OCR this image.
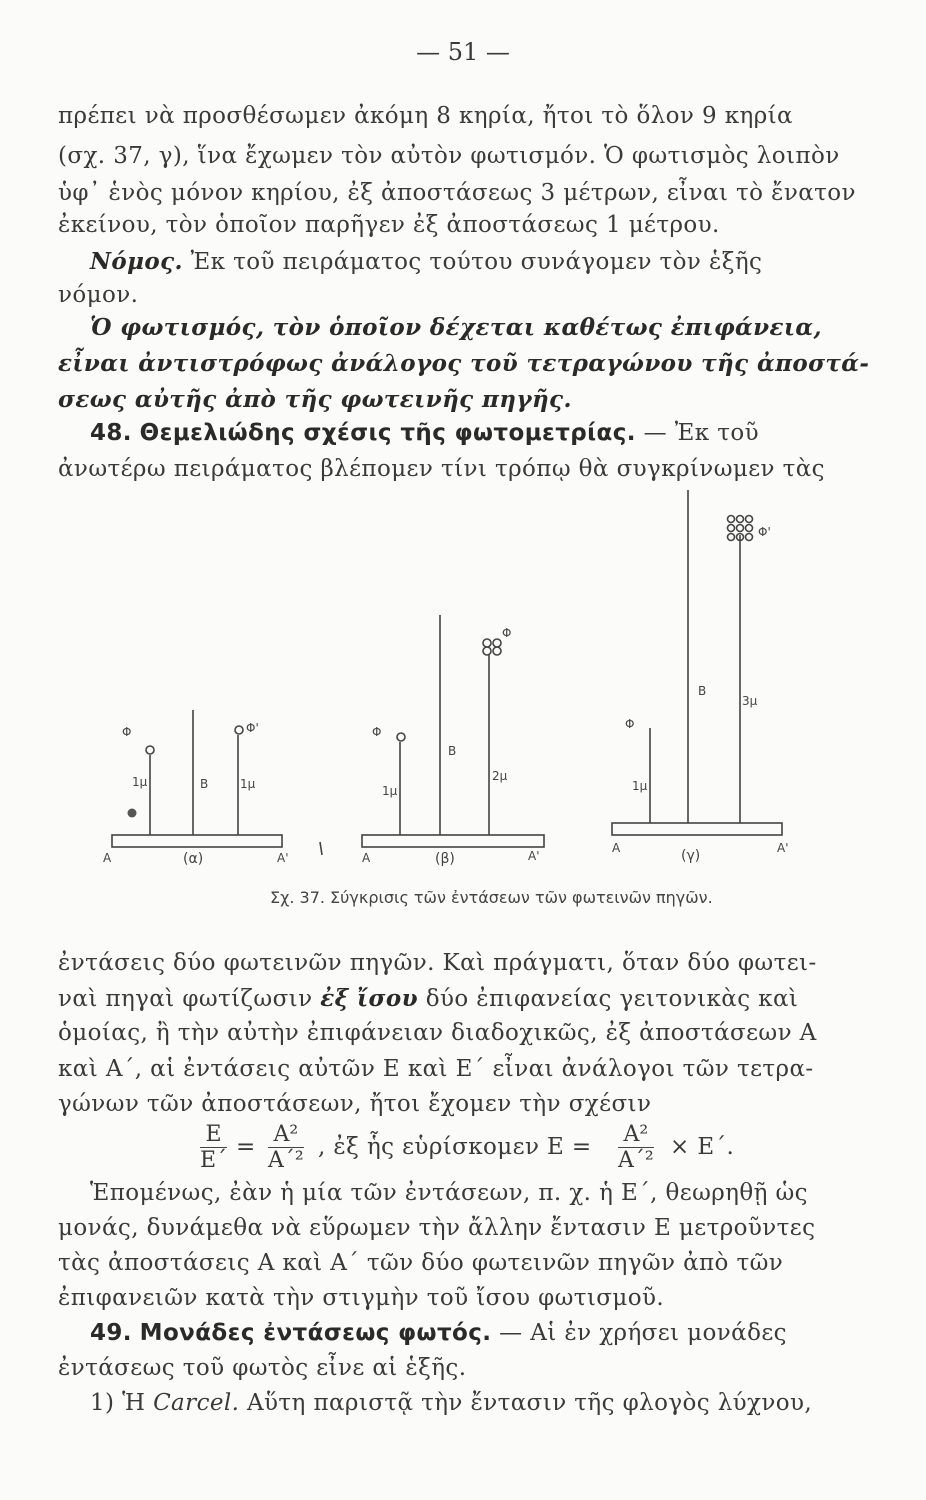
— 51 —
πρέπει νὰ προσθέσωμεν ἀκόμη 8 κηρία, ἤτοι τὸ ὅλον 9 κηρία
(σχ. 37, γ), ἵνα ἔχωμεν τὸν αὐτὸν φωτισμόν. Ὁ φωτισμὸς λοιπὸν
ὑφ᾽ ἑνὸς μόνον κηρίου, ἐξ ἀποστάσεως 3 μέτρων, εἶναι τὸ ἔνατον
ἐκείνου, τὸν ὁποῖον παρῆγεν ἐξ ἀποστάσεως 1 μέτρου.
Νόμος. Ἐκ τοῦ πειράματος τούτου συνάγομεν τὸν ἑξῆς
νόμον.
Ὁ φωτισμός, τὸν ὁποῖον δέχεται καθέτως ἐπιφάνεια,
εἶναι ἀντιστρόφως ἀνάλογος τοῦ τετραγώνου τῆς ἀποστά-
σεως αὐτῆς ἀπὸ τῆς φωτεινῆς πηγῆς.
48. Θεμελιώδης σχέσις τῆς φωτομετρίας. — Ἐκ τοῦ
ἀνωτέρω πειράματος βλέπομεν τίνι τρόπῳ θὰ συγκρίνωμεν τὰς
Φ	Φ'	Φ
Φ
Φ
Φ'
Β
Β
Β
1μ	1μ	1μ
2μ
1μ
3μ
Α	Α'	Α	Α'
Α	Α'
(α)	(β)	(γ)
Σχ. 37. Σύγκρισις τῶν ἐντάσεων τῶν φωτεινῶν πηγῶν.
ἐντάσεις δύο φωτεινῶν πηγῶν. Καὶ πράγματι, ὅταν δύο φωτει-
ναὶ πηγαὶ φωτίζωσιν ἐξ ἴσου δύο ἐπιφανείας γειτονικὰς καὶ
ὁμοίας, ἢ τὴν αὐτὴν ἐπιφάνειαν διαδοχικῶς, ἐξ ἀποστάσεων Α
καὶ Α΄, αἱ ἐντάσεις αὐτῶν Ε καὶ Ε΄ εἶναι ἀνάλογοι τῶν τετρα-
γώνων τῶν ἀποστάσεων, ἤτοι ἔχομεν τὴν σχέσιν
$\frac{E}{E΄} = \frac{\text{Α²}}{\text{Α΄²}}$ , ἐξ ἧς εὑρίσκομεν $E = \frac{\text{Α²}}{\text{Α΄²}} \times E΄$.
Ἑπομένως, ἐὰν ἡ μία τῶν ἐντάσεων, π. χ. ἡ Ε΄, θεωρηθῇ ὡς
μονάς, δυνάμεθα νὰ εὕρωμεν τὴν ἄλλην ἔντασιν Ε μετροῦντες
τὰς ἀποστάσεις Α καὶ Α΄ τῶν δύο φωτεινῶν πηγῶν ἀπὸ τῶν
ἐπιφανειῶν κατὰ τὴν στιγμὴν τοῦ ἴσου φωτισμοῦ.
49. Μονάδες ἐντάσεως φωτός. — Αἱ ἐν χρήσει μονάδες
ἐντάσεως τοῦ φωτὸς εἶνε αἱ ἑξῆς.
1) Ἡ Carcel. Αὕτη παριστᾷ τὴν ἔντασιν τῆς φλογὸς λύχνου,
